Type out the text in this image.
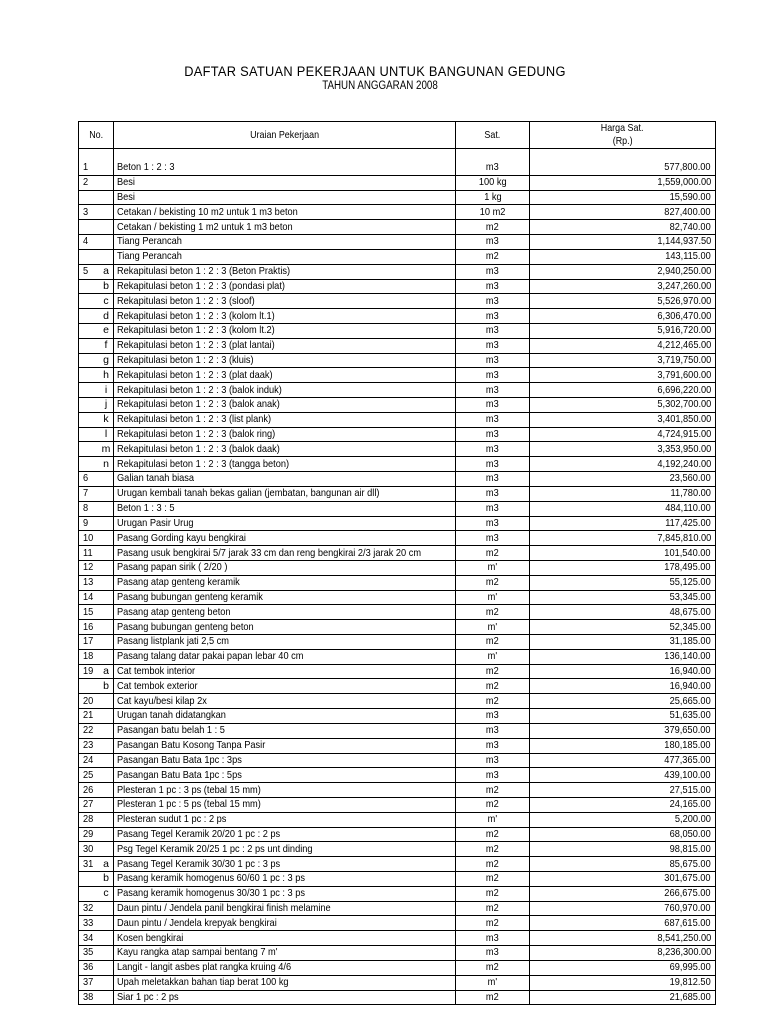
DAFTAR SATUAN PEKERJAAN UNTUK BANGUNAN GEDUNG
TAHUN ANGGARAN 2008
No.	Uraian Pekerjaan	Sat.	Harga Sat.
(Rp.)

1	Beton 1 : 2 : 3	m3	577,800.00
2	Besi	100 kg	1,559,000.00
	Besi	1 kg	15,590.00
3	Cetakan / bekisting 10 m2 untuk 1 m3 beton	10 m2	827,400.00
	Cetakan / bekisting 1 m2 untuk 1 m3 beton	m2	82,740.00
4	Tiang Perancah	m3	1,144,937.50
	Tiang Perancah	m2	143,115.00
5 a	Rekapitulasi beton 1 : 2 : 3 (Beton Praktis)	m3	2,940,250.00
b	Rekapitulasi beton 1 : 2 : 3 (pondasi plat)	m3	3,247,260.00
c	Rekapitulasi beton 1 : 2 : 3 (sloof)	m3	5,526,970.00
d	Rekapitulasi beton 1 : 2 : 3 (kolom lt.1)	m3	6,306,470.00
e	Rekapitulasi beton 1 : 2 : 3 (kolom lt.2)	m3	5,916,720.00
f	Rekapitulasi beton 1 : 2 : 3 (plat lantai)	m3	4,212,465.00
g	Rekapitulasi beton 1 : 2 : 3 (kluis)	m3	3,719,750.00
h	Rekapitulasi beton 1 : 2 : 3 (plat daak)	m3	3,791,600.00
i	Rekapitulasi beton 1 : 2 : 3 (balok induk)	m3	6,696,220.00
j	Rekapitulasi beton 1 : 2 : 3 (balok anak)	m3	5,302,700.00
k	Rekapitulasi beton 1 : 2 : 3 (list plank)	m3	3,401,850.00
l	Rekapitulasi beton 1 : 2 : 3 (balok ring)	m3	4,724,915.00
m	Rekapitulasi beton 1 : 2 : 3 (balok daak)	m3	3,353,950.00
n	Rekapitulasi beton 1 : 2 : 3 (tangga beton)	m3	4,192,240.00
6	Galian tanah biasa	m3	23,560.00
7	Urugan kembali tanah bekas galian (jembatan, bangunan air dll)	m3	11,780.00
8	Beton 1 : 3 : 5	m3	484,110.00
9	Urugan Pasir Urug	m3	117,425.00
10	Pasang Gording kayu bengkirai	m3	7,845,810.00
11	Pasang usuk bengkirai 5/7 jarak 33 cm dan reng bengkirai 2/3 jarak 20 cm	m2	101,540.00
12	Pasang papan sirik ( 2/20 )	m'	178,495.00
13	Pasang atap genteng keramik	m2	55,125.00
14	Pasang bubungan genteng keramik	m'	53,345.00
15	Pasang atap genteng beton	m2	48,675.00
16	Pasang bubungan genteng beton	m'	52,345.00
17	Pasang listplank jati 2,5 cm	m2	31,185.00
18	Pasang talang datar pakai papan lebar 40 cm	m'	136,140.00
19 a	Cat tembok interior	m2	16,940.00
b	Cat tembok exterior	m2	16,940.00
20	Cat kayu/besi kilap 2x	m2	25,665.00
21	Urugan tanah didatangkan	m3	51,635.00
22	Pasangan batu belah 1 : 5	m3	379,650.00
23	Pasangan Batu Kosong Tanpa Pasir	m3	180,185.00
24	Pasangan Batu Bata 1pc : 3ps	m3	477,365.00
25	Pasangan Batu Bata 1pc : 5ps	m3	439,100.00
26	Plesteran 1 pc : 3 ps (tebal 15 mm)	m2	27,515.00
27	Plesteran 1 pc : 5 ps (tebal 15 mm)	m2	24,165.00
28	Plesteran sudut 1 pc : 2 ps	m'	5,200.00
29	Pasang Tegel Keramik 20/20 1 pc : 2 ps	m2	68,050.00
30	Psg Tegel Keramik 20/25 1 pc : 2 ps unt dinding	m2	98,815.00
31 a	Pasang Tegel Keramik 30/30 1 pc : 3 ps	m2	85,675.00
b	Pasang keramik homogenus 60/60 1 pc : 3 ps	m2	301,675.00
c	Pasang keramik homogenus 30/30 1 pc : 3 ps	m2	266,675.00
32	Daun pintu / Jendela panil bengkirai finish melamine	m2	760,970.00
33	Daun pintu / Jendela krepyak bengkirai	m2	687,615.00
34	Kosen bengkirai	m3	8,541,250.00
35	Kayu rangka atap sampai bentang 7 m'	m3	8,236,300.00
36	Langit - langit asbes plat rangka kruing 4/6	m2	69,995.00
37	Upah meletakkan bahan tiap berat 100 kg	m'	19,812.50
38	Siar 1 pc : 2 ps	m2	21,685.00
